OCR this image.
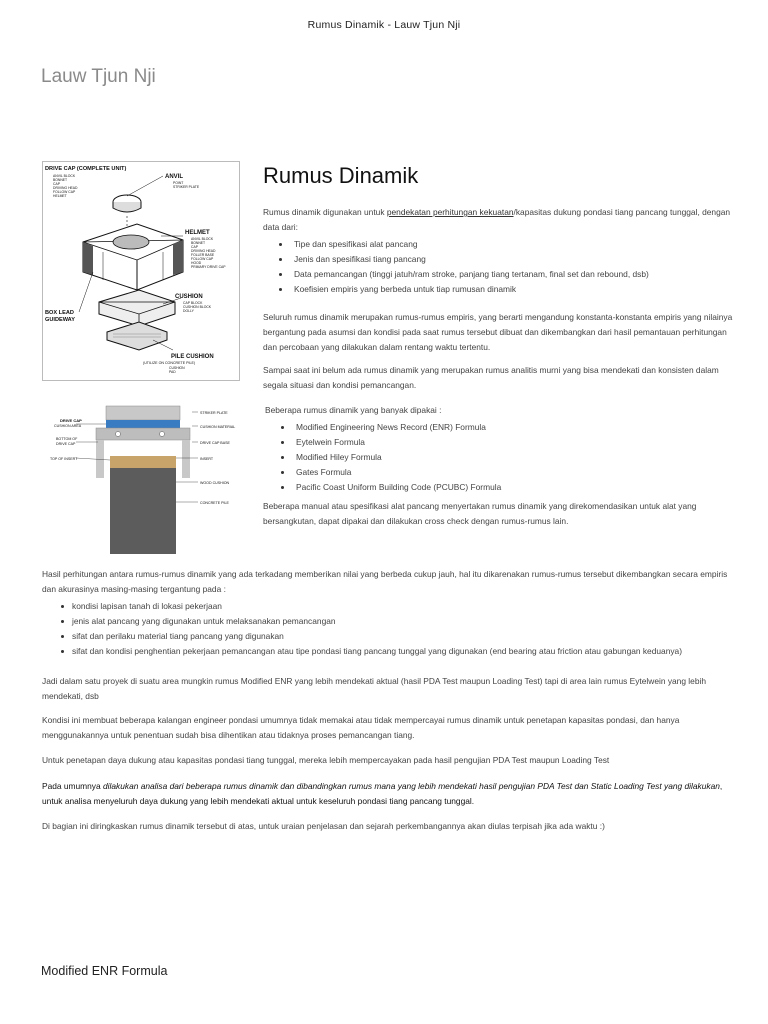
Rumus Dinamik - Lauw Tjun Nji
Lauw Tjun Nji
DRIVE CAP (COMPLETE UNIT)
ANVIL BLOCK
BONNET
CAP
DRIVING HEAD
FOLLOW CAP
HELMET
ANVIL
POINT
STRIKER PLATE
HELMET
ANVIL BLOCK
BONNET
CAP
DRIVING HEAD
FOLLER BASE
FOLLOW CAP
HOOD
PRIMARY DRIVE CAP
CUSHION
CAP BLOCK
CUSHION BLOCK
DOLLY
BOX LEAD
GUIDEWAY
PILE CUSHION
(UTILIZE ON CONCRETE PILE)
CUSHION
PAD
DRIVE CAP
CUSHION AREA
BOTTOM OF
DRIVE CAP
TOP OF INSERT
STRIKER PLATE
CUSHION MATERIAL
DRIVE CAP BASE
INSERT
WOOD CUSHION
CONCRETE PILE
Rumus Dinamik

Rumus dinamik digunakan untuk pendekatan perhitungan kekuatan/kapasitas dukung pondasi tiang pancang tunggal, dengan data dari:

Tipe dan spesifikasi alat pancang
Jenis dan spesifikasi tiang pancang
Data pemancangan (tinggi jatuh/ram stroke, panjang tiang tertanam, final set dan rebound, dsb)
Koefisien empiris yang berbeda untuk tiap rumusan dinamik
Seluruh rumus dinamik merupakan rumus-rumus empiris, yang berarti mengandung konstanta-konstanta empiris yang nilainya bergantung pada asumsi dan kondisi pada saat rumus tersebut dibuat dan dikembangkan dari hasil pemantauan perhitungan dan percobaan yang dilakukan dalam rentang waktu tertentu.
Sampai saat ini belum ada rumus dinamik yang merupakan rumus analitis murni yang bisa mendekati dan konsisten dalam segala situasi dan kondisi pemancangan.

Beberapa rumus dinamik yang banyak dipakai :

Modified Engineering News Record (ENR) Formula
Eytelwein Formula
Modified Hiley Formula
Gates Formula
Pacific Coast Uniform Building Code (PCUBC) Formula
Beberapa manual atau spesifikasi alat pancang menyertakan rumus dinamik yang direkomendasikan untuk alat yang bersangkutan, dapat dipakai dan dilakukan cross check dengan rumus-rumus lain.

Hasil perhitungan antara rumus-rumus dinamik yang ada terkadang memberikan nilai yang berbeda cukup jauh, hal itu dikarenakan rumus-rumus tersebut dikembangkan secara empiris dan akurasinya masing-masing tergantung pada :

kondisi lapisan tanah di lokasi pekerjaan
jenis alat pancang yang digunakan untuk melaksanakan pemancangan
sifat dan perilaku material tiang pancang yang digunakan
sifat dan kondisi penghentian pekerjaan pemancangan atau tipe pondasi tiang pancang tunggal yang digunakan (end bearing atau friction atau gabungan keduanya)
Jadi dalam satu proyek di suatu area mungkin rumus Modified ENR yang lebih mendekati aktual (hasil PDA Test maupun Loading Test) tapi di area lain rumus Eytelwein yang lebih mendekati, dsb
Kondisi ini membuat beberapa kalangan engineer pondasi umumnya tidak memakai atau tidak mempercayai rumus dinamik untuk penetapan kapasitas pondasi, dan hanya menggunakannya untuk penentuan sudah bisa dihentikan atau tidaknya proses pemancangan tiang.
Untuk penetapan daya dukung atau kapasitas pondasi tiang tunggal, mereka lebih mempercayakan pada hasil pengujian PDA Test maupun Loading Test
Pada umumnya dilakukan analisa dari beberapa rumus dinamik dan dibandingkan rumus mana yang lebih mendekati hasil pengujian PDA Test dan Static Loading Test yang dilakukan, untuk analisa menyeluruh daya dukung yang lebih mendekati aktual untuk keseluruh pondasi tiang pancang tunggal.
Di bagian ini diringkaskan rumus dinamik tersebut di atas, untuk uraian penjelasan dan sejarah perkembangannya akan diulas terpisah jika ada waktu :)
Modified ENR Formula
